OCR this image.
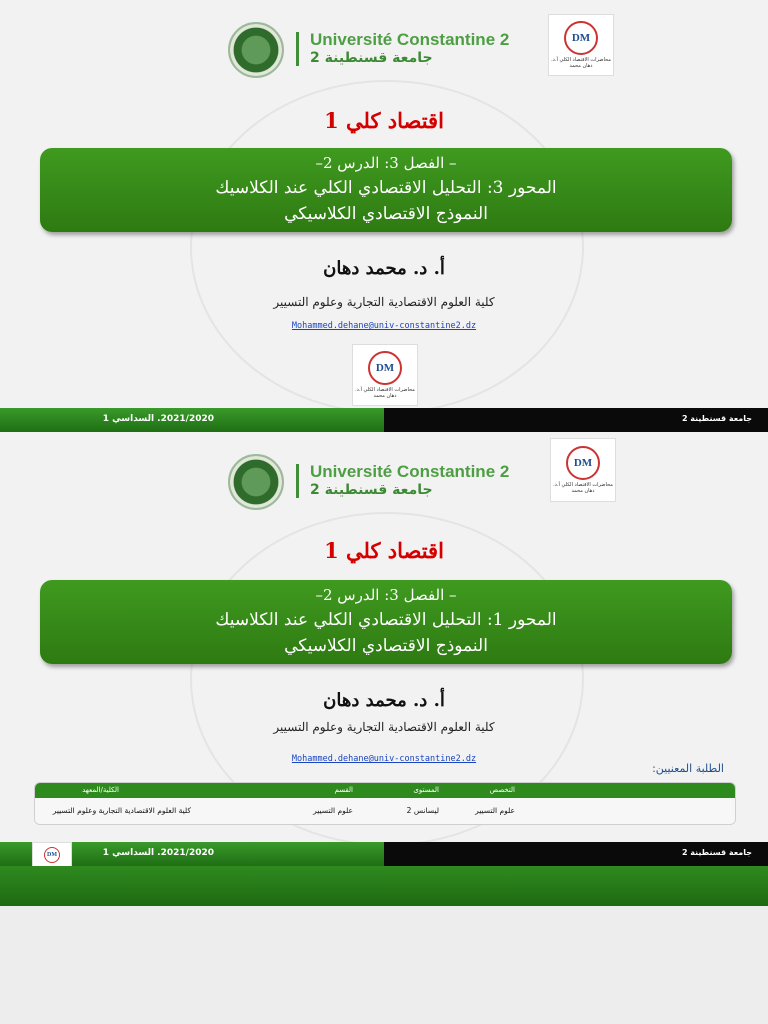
Université Constantine 2
جامعة قسنطينة 2
DM
محاضرات الاقتصاد الكلي أ.د. دهان محمد
اقتصاد كلي 1
– الفصل 3: الدرس 2–
المحور 3: التحليل الاقتصادي الكلي عند الكلاسيك
النموذج الاقتصادي الكلاسيكي
أ. د. محمد دهان
كلية العلوم الاقتصادية التجارية وعلوم التسيير
Mohammed.dehane@univ-constantine2.dz
DM
محاضرات الاقتصاد الكلي أ.د. دهان محمد
2021/2020. السداسي 1	جامعة قسنطينة 2
Université Constantine 2
جامعة قسنطينة 2
DM
محاضرات الاقتصاد الكلي أ.د. دهان محمد
اقتصاد كلي 1
– الفصل 3: الدرس 2–
المحور 1: التحليل الاقتصادي الكلي عند الكلاسيك
النموذج الاقتصادي الكلاسيكي
أ. د. محمد دهان
كلية العلوم الاقتصادية التجارية وعلوم التسيير
Mohammed.dehane@univ-constantine2.dz
الطلبة المعنيين:
الكلية/المعهد	القسم	المستوى	التخصص
كلية العلوم الاقتصادية التجارية وعلوم التسيير	علوم التسيير	ليسانس 2	علوم التسيير
DM	2021/2020. السداسي 1	جامعة قسنطينة 2
